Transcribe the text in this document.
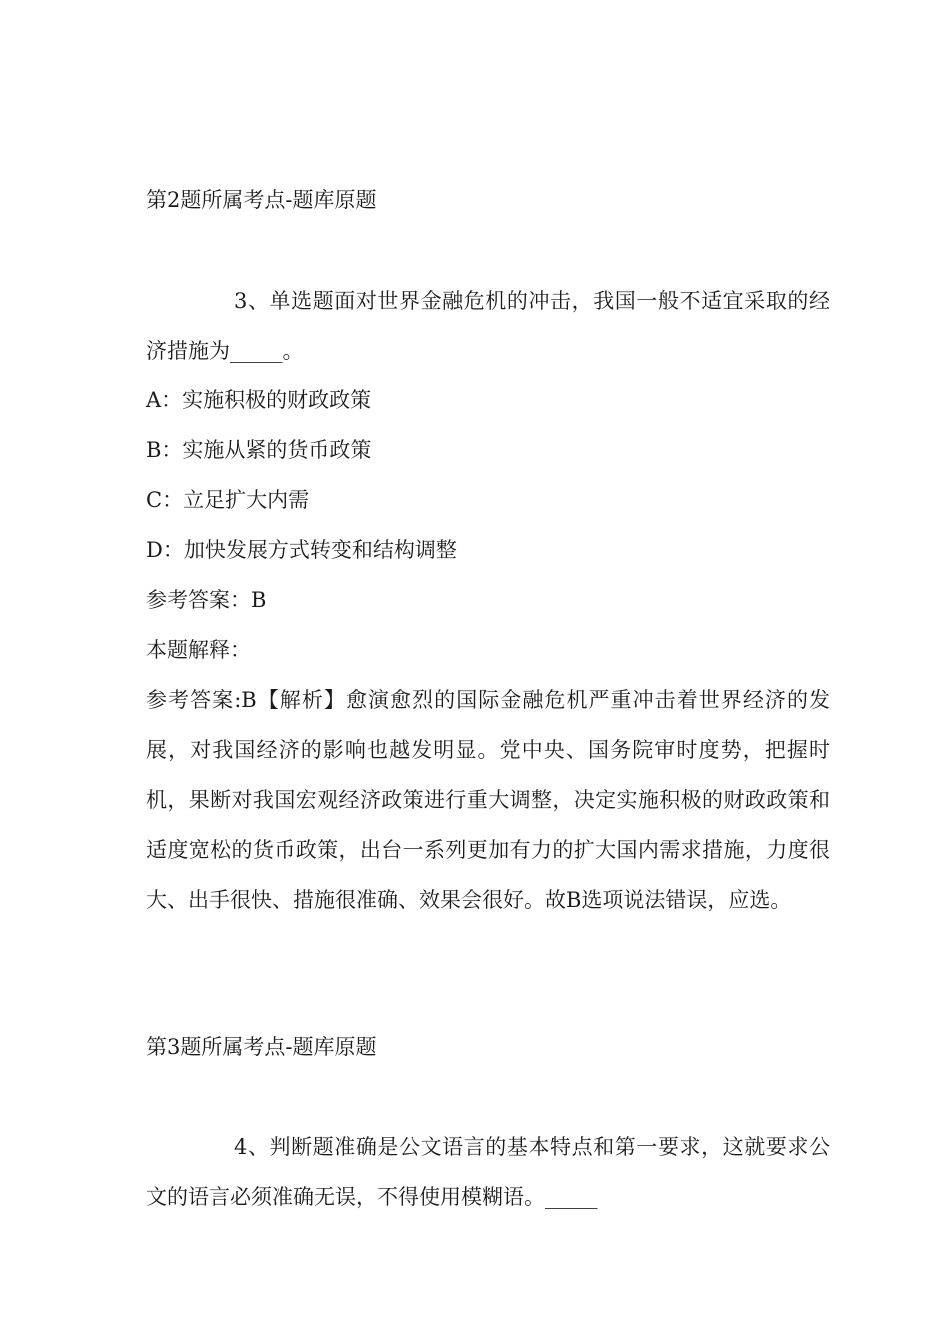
第2题所属考点-题库原题
3、单选题面对世界金融危机的冲击，我国一般不适宜采取的经济措施为_____。
A：实施积极的财政政策
B：实施从紧的货币政策
C：立足扩大内需
D：加快发展方式转变和结构调整
参考答案：B
本题解释：
参考答案:B【解析】愈演愈烈的国际金融危机严重冲击着世界经济的发展，对我国经济的影响也越发明显。党中央、国务院审时度势，把握时机，果断对我国宏观经济政策进行重大调整，决定实施积极的财政政策和适度宽松的货币政策，出台一系列更加有力的扩大国内需求措施，力度很大、出手很快、措施很准确、效果会很好。故B选项说法错误，应选。
第3题所属考点-题库原题
4、判断题准确是公文语言的基本特点和第一要求，这就要求公文的语言必须准确无误，不得使用模糊语。_____
